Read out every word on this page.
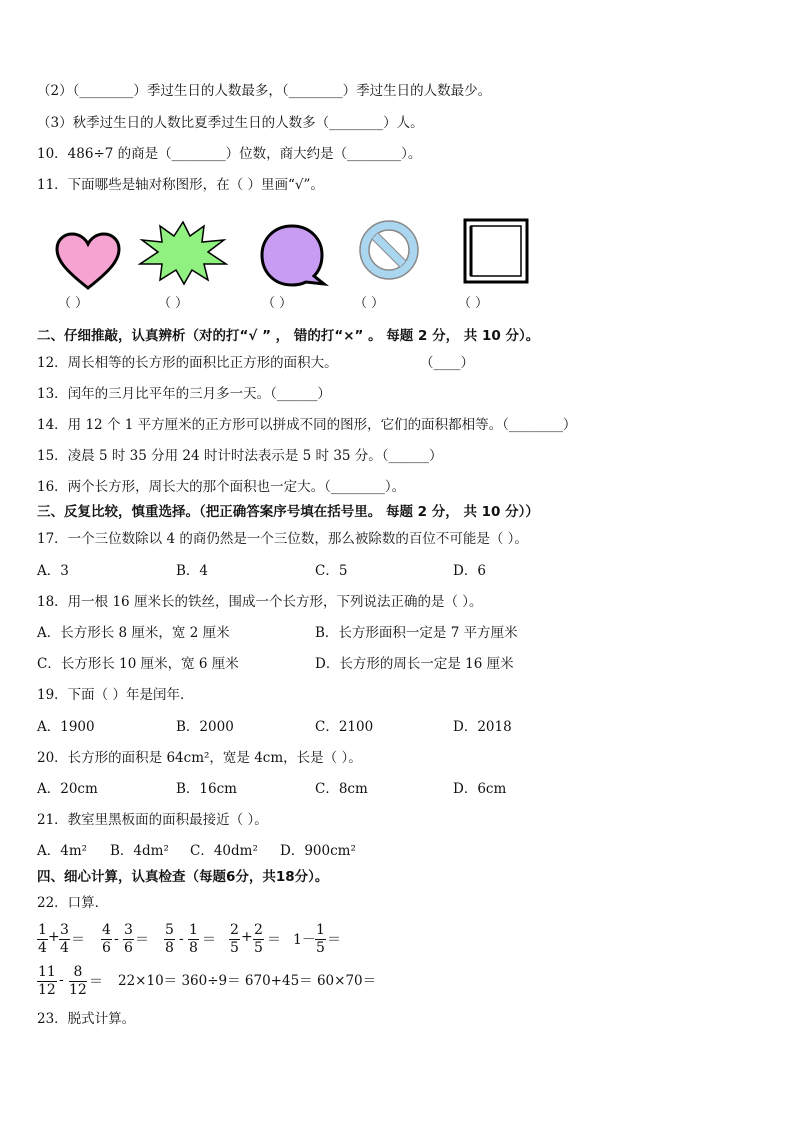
（2）（________）季过生日的人数最多，（________）季过生日的人数最少。
（3）秋季过生日的人数比夏季过生日的人数多（________）人。
10．486÷7 的商是（________）位数，商大约是（________）。
11．下面哪些是轴对称图形，在（ ）里画“√”。
（ ）	（ ）	（ ）	（ ）	（ ）
二、仔细推敲，认真辨析（对的打“√ ” ， 错的打“×” 。 每题 2 分， 共 10 分）。
12．周长相等的长方形的面积比正方形的面积大。	（____）
13．闰年的三月比平年的三月多一天。（______）
14．用 12 个 1 平方厘米的正方形可以拼成不同的图形，它们的面积都相等。（________）
15．凌晨 5 时 35 分用 24 时计时法表示是 5 时 35 分。（______）
16．两个长方形，周长大的那个面积也一定大。（________）。
三、反复比较，慎重选择。（把正确答案序号填在括号里。 每题 2 分， 共 10 分））
17．一个三位数除以 4 的商仍然是一个三位数，那么被除数的百位不可能是（ ）。
A．3	B．4	C．5	D．6
18．用一根 16 厘米长的铁丝，围成一个长方形，下列说法正确的是（ ）。
A．长方形长 8 厘米，宽 2 厘米	B．长方形面积一定是 7 平方厘米
C．长方形长 10 厘米，宽 6 厘米	D．长方形的周长一定是 16 厘米
19．下面（ ）年是闰年．
A．1900	B．2000	C．2100	D．2018
20．长方形的面积是 64cm²，宽是 4cm，长是（ ）。
A．20cm	B．16cm	C．8cm	D．6cm
21．教室里黑板面的面积最接近（ ）。
A．4m² B．4dm² C．40dm² D．900cm²
四、细心计算，认真检查（每题6分，共18分）。
22．口算．
$\frac{1}{4} + \frac{3}{4} = \frac{4}{6} - \frac{3}{6} = \frac{5}{8} - \frac{1}{8} = \frac{2}{5} + \frac{2}{5} = 1- \frac{1}{5}$ ＝
$\frac{11}{12} - \frac{8}{12} = 22\times 10= 360\div 9= 670+45= 60\times 70=$
23．脱式计算。
